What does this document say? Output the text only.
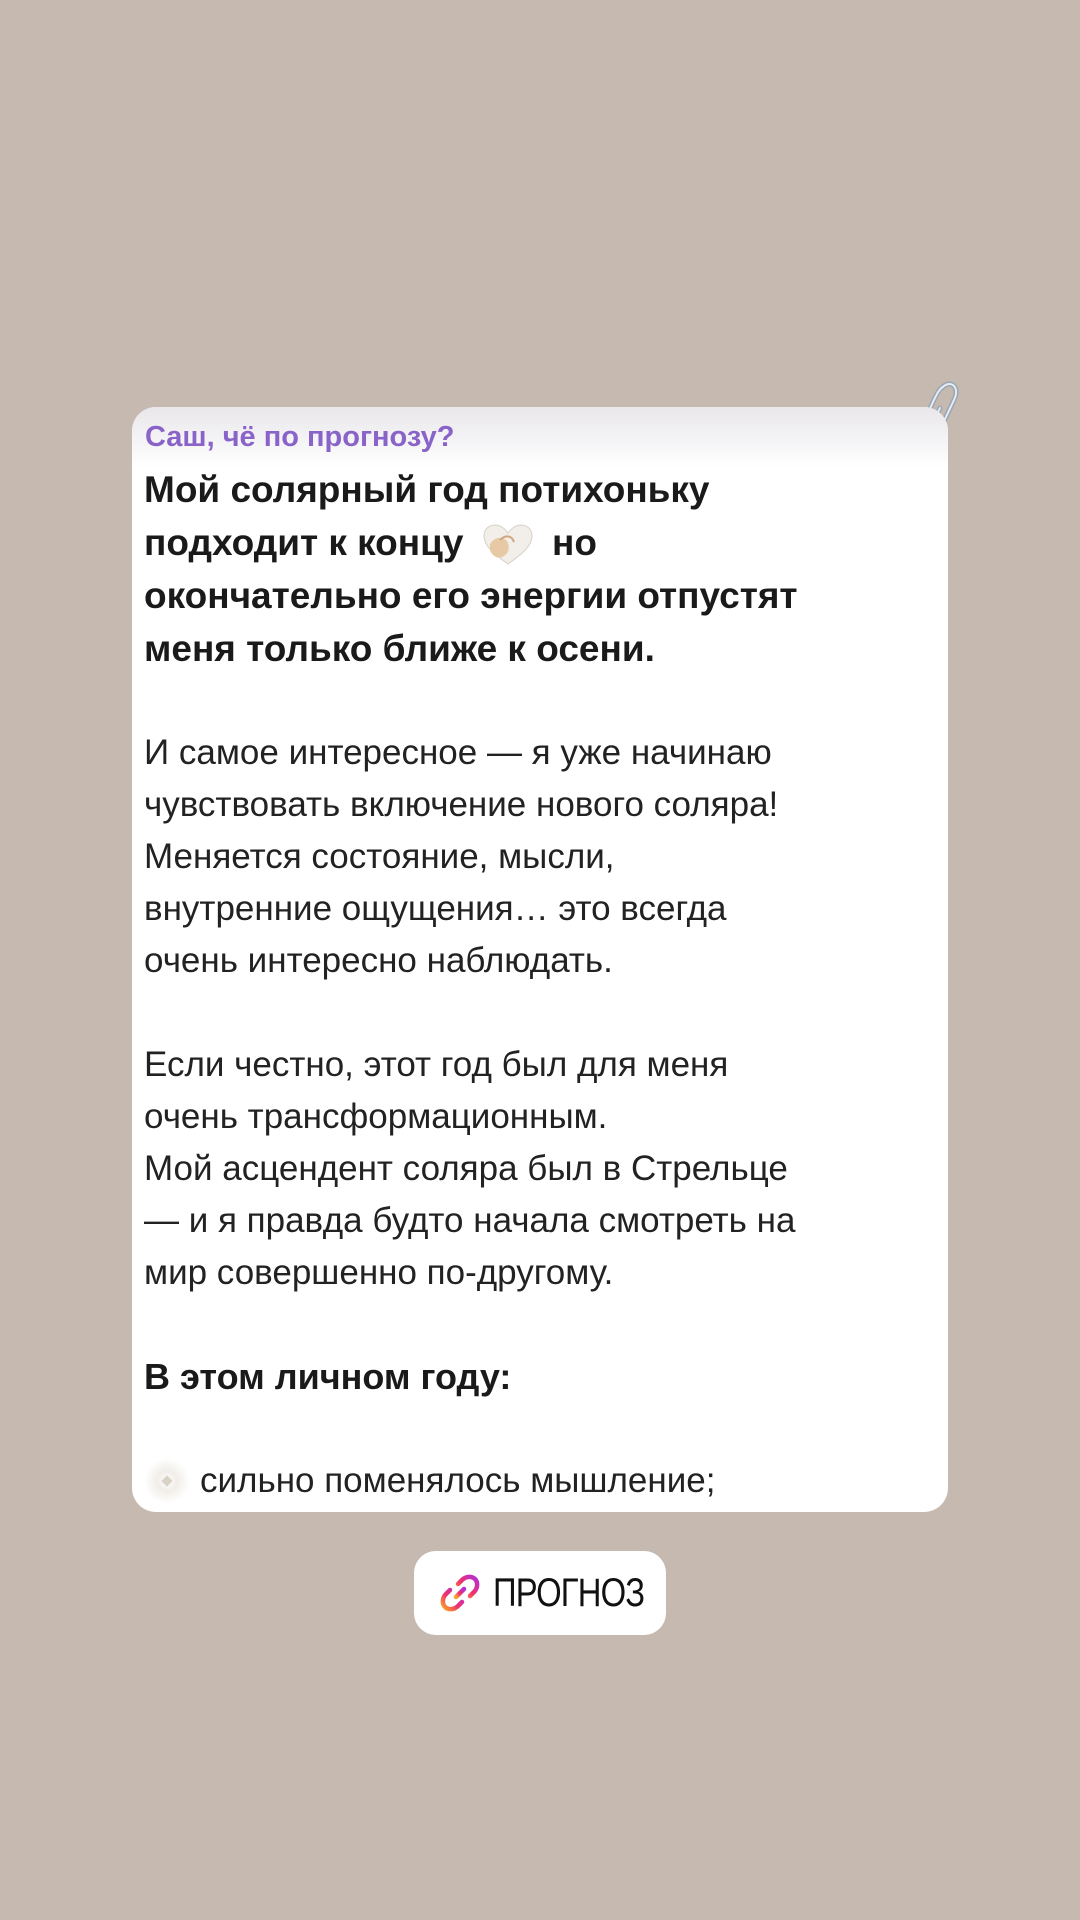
Саш, чё по прогнозу?
Мой солярный год потихоньку
подходит к концу но
окончательно его энергии отпустят
меня только ближе к осени.
И самое интересное — я уже начинаю
чувствовать включение нового соляра!
Меняется состояние, мысли,
внутренние ощущения… это всегда
очень интересно наблюдать.
Если честно, этот год был для меня
очень трансформационным.
Мой асцендент соляра был в Стрельце
— и я правда будто начала смотреть на
мир совершенно по-другому.
В этом личном году:
сильно поменялось мышление;
ПРОГНОЗ
